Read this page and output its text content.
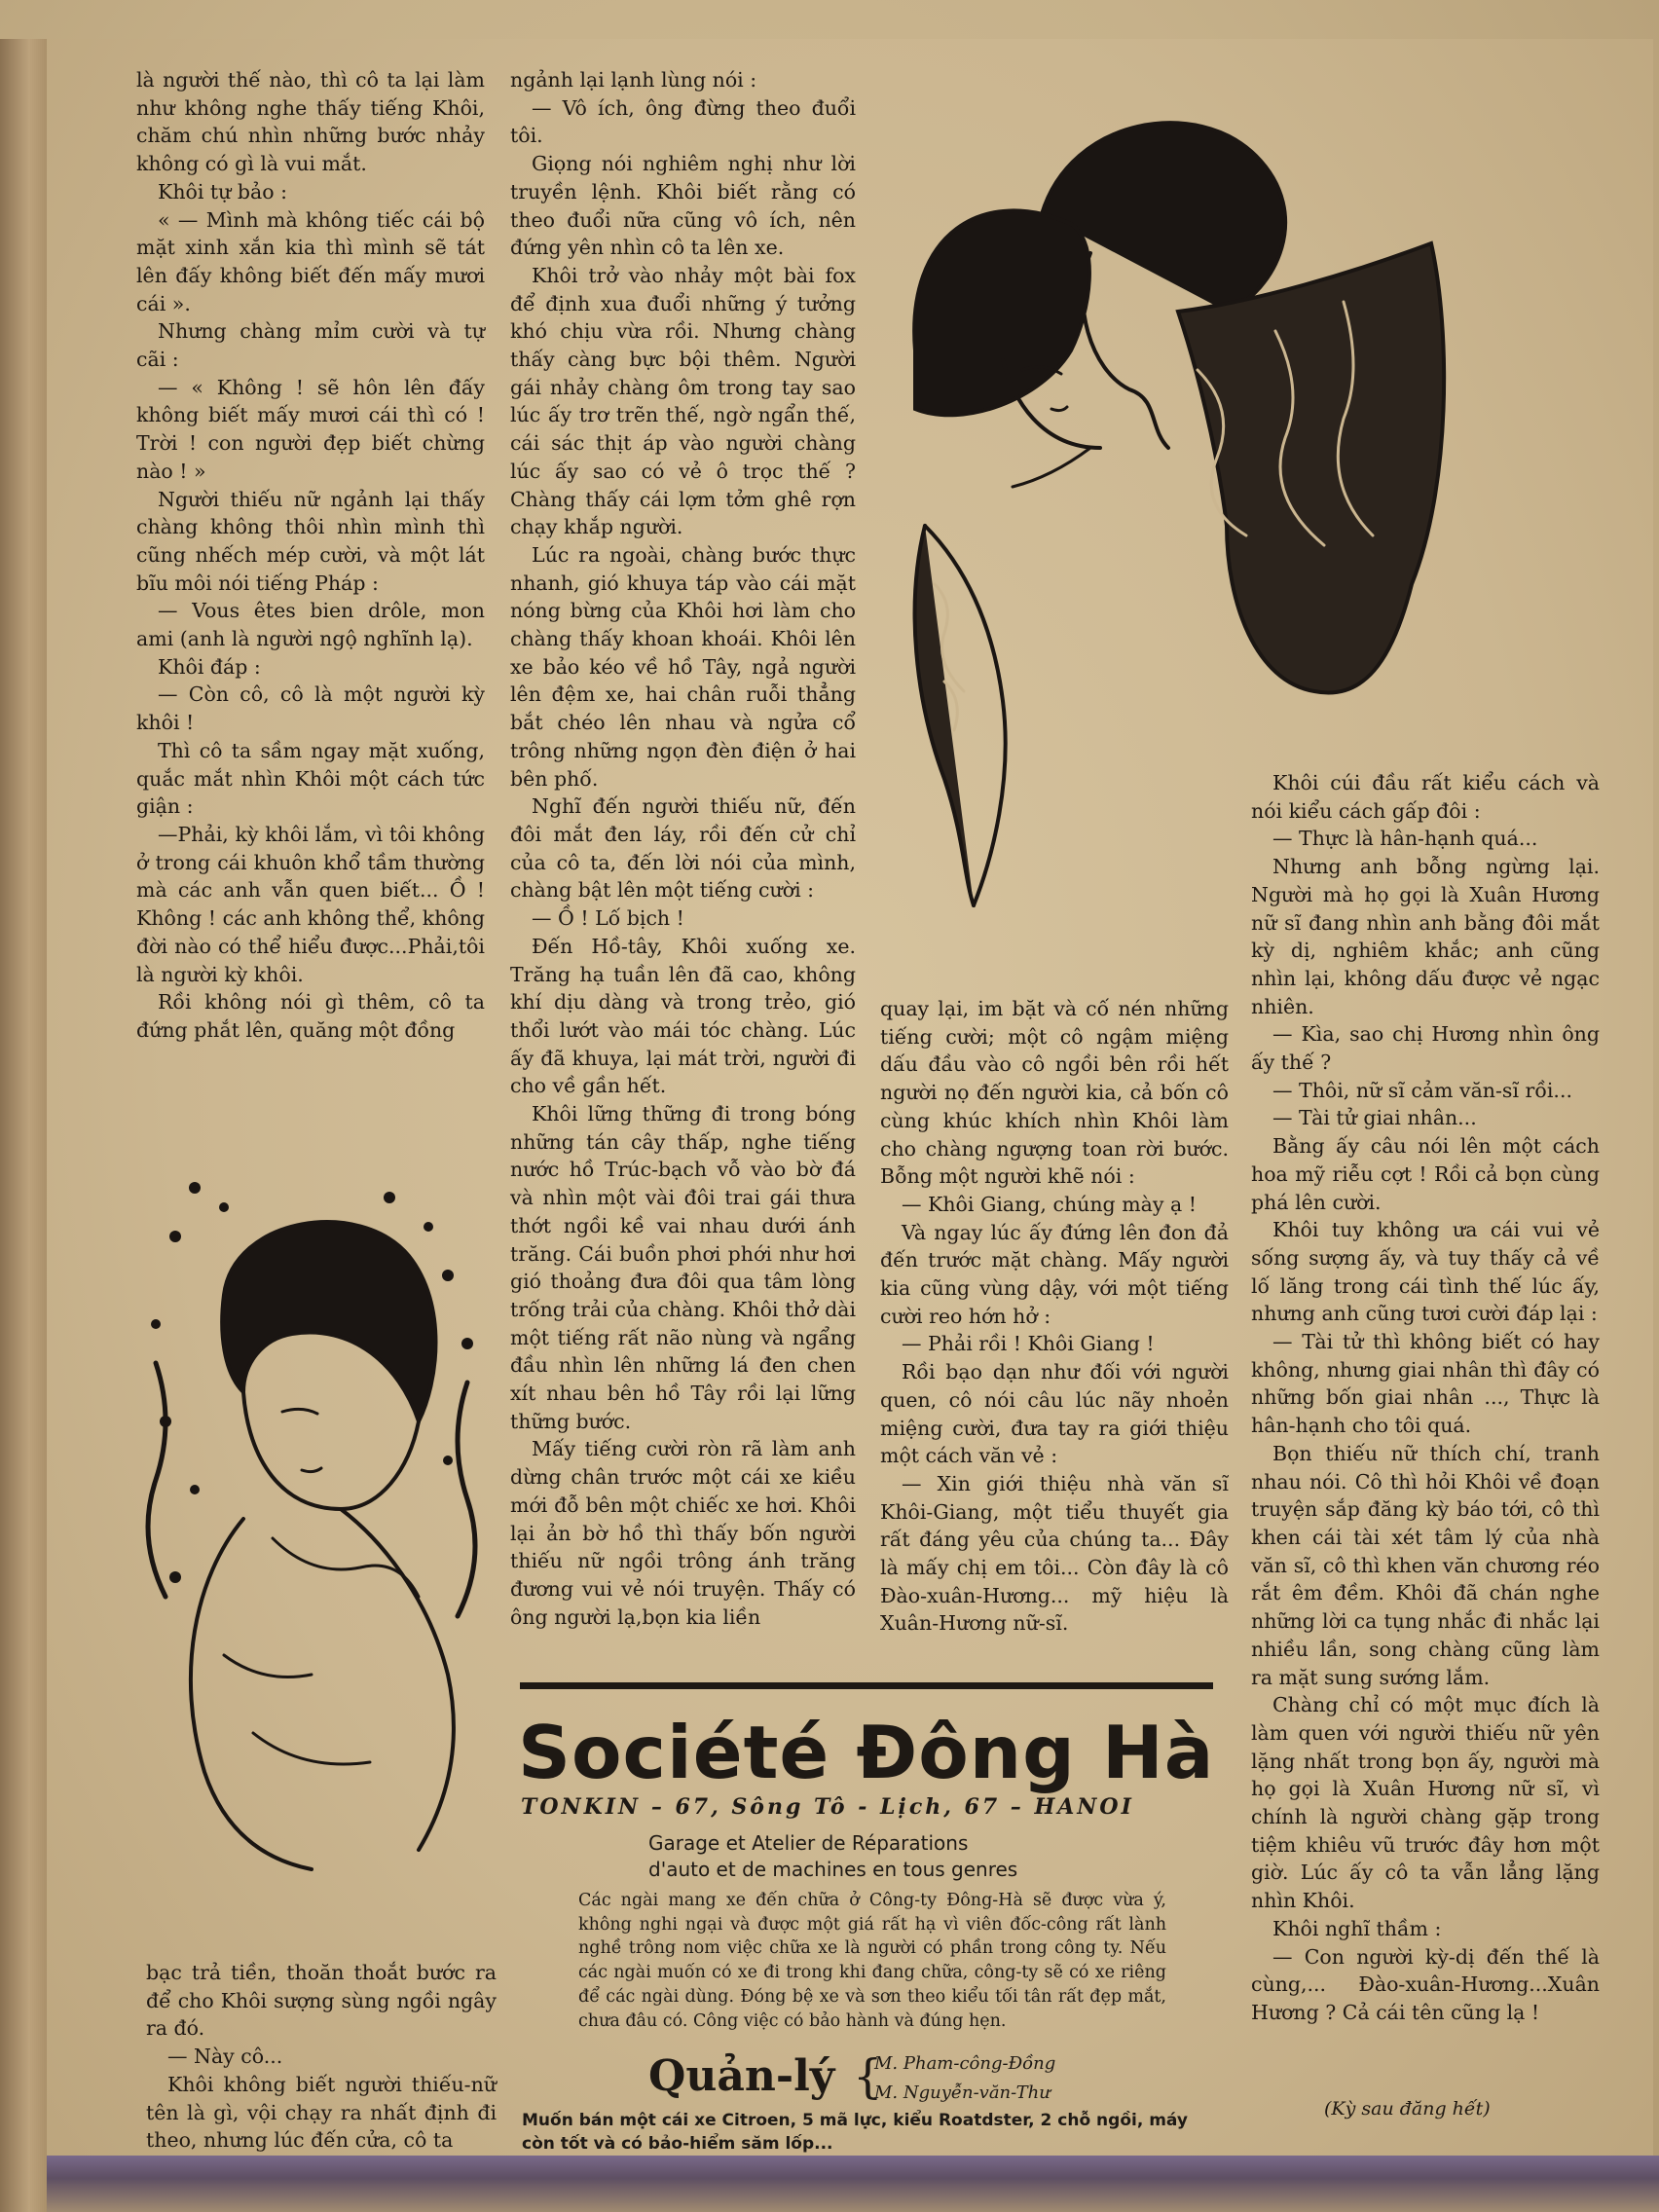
là người thế nào, thì cô ta lại làm như không nghe thấy tiếng Khôi, chăm chú nhìn những bước nhảy không có gì là vui mắt.

Khôi tự bảo :

« — Mình mà không tiếc cái bộ mặt xinh xắn kia thì mình sẽ tát lên đấy không biết đến mấy mươi cái ».

Nhưng chàng mỉm cười và tự cãi :

— « Không ! sẽ hôn lên đấy không biết mấy mươi cái thì có ! Trời ! con người đẹp biết chừng nào ! »

Người thiếu nữ ngảnh lại thấy chàng không thôi nhìn mình thì cũng nhếch mép cười, và một lát bĩu môi nói tiếng Pháp :

— Vous êtes bien drôle, mon ami (anh là người ngộ nghĩnh lạ).

Khôi đáp :

— Còn cô, cô là một người kỳ khôi !

Thì cô ta sầm ngay mặt xuống, quắc mắt nhìn Khôi một cách tức giận :

—Phải, kỳ khôi lắm, vì tôi không ở trong cái khuôn khổ tầm thường mà các anh vẫn quen biết... Ồ ! Không ! các anh không thể, không đời nào có thể hiểu được...Phải,tôi là người kỳ khôi.

Rồi không nói gì thêm, cô ta đứng phắt lên, quăng một đồng

bạc trả tiền, thoăn thoắt bước ra để cho Khôi sượng sùng ngồi ngây ra đó.

— Này cô...

Khôi không biết người thiếu-nữ tên là gì, vội chạy ra nhất định đi theo, nhưng lúc đến cửa, cô ta

ngảnh lại lạnh lùng nói :

— Vô ích, ông đừng theo đuổi tôi.

Giọng nói nghiêm nghị như lời truyền lệnh. Khôi biết rằng có theo đuổi nữa cũng vô ích, nên đứng yên nhìn cô ta lên xe.

Khôi trở vào nhảy một bài fox để định xua đuổi những ý tưởng khó chịu vừa rồi. Nhưng chàng thấy càng bực bội thêm. Người gái nhảy chàng ôm trong tay sao lúc ấy trơ trẽn thế, ngờ ngẩn thế, cái sác thịt áp vào người chàng lúc ấy sao có vẻ ô trọc thế ? Chàng thấy cái lợm tởm ghê rợn chạy khắp người.

Lúc ra ngoài, chàng bước thực nhanh, gió khuya táp vào cái mặt nóng bừng của Khôi hơi làm cho chàng thấy khoan khoái. Khôi lên xe bảo kéo về hồ Tây, ngả người lên đệm xe, hai chân ruỗi thẳng bắt chéo lên nhau và ngửa cổ trông những ngọn đèn điện ở hai bên phố.

Nghĩ đến người thiếu nữ, đến đôi mắt đen láy, rồi đến cử chỉ của cô ta, đến lời nói của mình, chàng bật lên một tiếng cười :

— Ồ ! Lố bịch !

Đến Hồ-tây, Khôi xuống xe. Trăng hạ tuần lên đã cao, không khí dịu dàng và trong trẻo, gió thổi lướt vào mái tóc chàng. Lúc ấy đã khuya, lại mát trời, người đi cho về gần hết.

Khôi lững thững đi trong bóng những tán cây thấp, nghe tiếng nước hồ Trúc-bạch vỗ vào bờ đá và nhìn một vài đôi trai gái thưa thớt ngồi kề vai nhau dưới ánh trăng. Cái buồn phơi phới như hơi gió thoảng đưa đôi qua tâm lòng trống trải của chàng. Khôi thở dài một tiếng rất não nùng và ngẩng đầu nhìn lên những lá đen chen xít nhau bên hồ Tây rồi lại lững thững bước.

Mấy tiếng cười ròn rã làm anh dừng chân trước một cái xe kiều mới đỗ bên một chiếc xe hơi. Khôi lại ản bờ hồ thì thấy bốn người thiếu nữ ngồi trông ánh trăng đương vui vẻ nói truyện. Thấy có ông người lạ,bọn kia liền

quay lại, im bặt và cố nén những tiếng cười; một cô ngậm miệng dấu đầu vào cô ngồi bên rồi hết người nọ đến người kia, cả bốn cô cùng khúc khích nhìn Khôi làm cho chàng ngượng toan rời bước. Bỗng một người khẽ nói :

— Khôi Giang, chúng mày ạ !

Và ngay lúc ấy đứng lên đon đả đến trước mặt chàng. Mấy người kia cũng vùng dậy, với một tiếng cười reo hớn hở :

— Phải rồi ! Khôi Giang !

Rồi bạo dạn như đối với người quen, cô nói câu lúc nãy nhoẻn miệng cười, đưa tay ra giới thiệu một cách văn vẻ :

— Xin giới thiệu nhà văn sĩ Khôi-Giang, một tiểu thuyết gia rất đáng yêu của chúng ta... Đây là mấy chị em tôi... Còn đây là cô Đào-xuân-Hương... mỹ hiệu là Xuân-Hương nữ-sĩ.

Khôi cúi đầu rất kiểu cách và nói kiểu cách gấp đôi :

— Thực là hân-hạnh quá...

Nhưng anh bỗng ngừng lại. Người mà họ gọi là Xuân Hương nữ sĩ đang nhìn anh bằng đôi mắt kỳ dị, nghiêm khắc; anh cũng nhìn lại, không dấu được vẻ ngạc nhiên.

— Kìa, sao chị Hương nhìn ông ấy thế ?

— Thôi, nữ sĩ cảm văn-sĩ rồi...

— Tài tử giai nhân...

Bằng ấy câu nói lên một cách hoa mỹ riễu cợt ! Rồi cả bọn cùng phá lên cười.

Khôi tuy không ưa cái vui vẻ sống sượng ấy, và tuy thấy cả về lố lăng trong cái tình thế lúc ấy, nhưng anh cũng tươi cười đáp lại :

— Tài tử thì không biết có hay không, nhưng giai nhân thì đây có những bốn giai nhân ..., Thực là hân-hạnh cho tôi quá.

Bọn thiếu nữ thích chí, tranh nhau nói. Cô thì hỏi Khôi về đoạn truyện sắp đăng kỳ báo tới, cô thì khen cái tài xét tâm lý của nhà văn sĩ, cô thì khen văn chương réo rắt êm đềm. Khôi đã chán nghe những lời ca tụng nhắc đi nhắc lại nhiều lần, song chàng cũng làm ra mặt sung sướng lắm.

Chàng chỉ có một mục đích là làm quen với người thiếu nữ yên lặng nhất trong bọn ấy, người mà họ gọi là Xuân Hương nữ sĩ, vì chính là người chàng gặp trong tiệm khiêu vũ trước đây hơn một giờ. Lúc ấy cô ta vẫn lẳng lặng nhìn Khôi.

Khôi nghĩ thầm :

— Con người kỳ-dị đến thế là cùng,... Đào-xuân-Hương...Xuân Hương ? Cả cái tên cũng lạ !

(Kỳ sau đăng hết)
Société Đông Hà
TONKIN – 67, Sông Tô - Lịch, 67 – HANOI
Garage et Atelier de Réparations
d'auto et de machines en tous genres
Các ngài mang xe đến chữa ở Công-ty Đông-Hà sẽ được vừa ý, không nghi ngại và được một giá rất hạ vì viên đốc-công rất lành nghề trông nom việc chữa xe là người có phần trong công ty. Nếu các ngài muốn có xe đi trong khi đang chữa, công-ty sẽ có xe riêng để các ngài dùng. Đóng bệ xe và sơn theo kiểu tối tân rất đẹp mắt, chưa đâu có. Công việc có bảo hành và đúng hẹn.
Quản-lý {
M. Pham-công-Đồng
M. Nguyễn-văn-Thư
Muốn bán một cái xe Citroen, 5 mã lực, kiểu Roatdster, 2 chỗ ngồi, máy còn tốt và có bảo-hiểm săm lốp...
